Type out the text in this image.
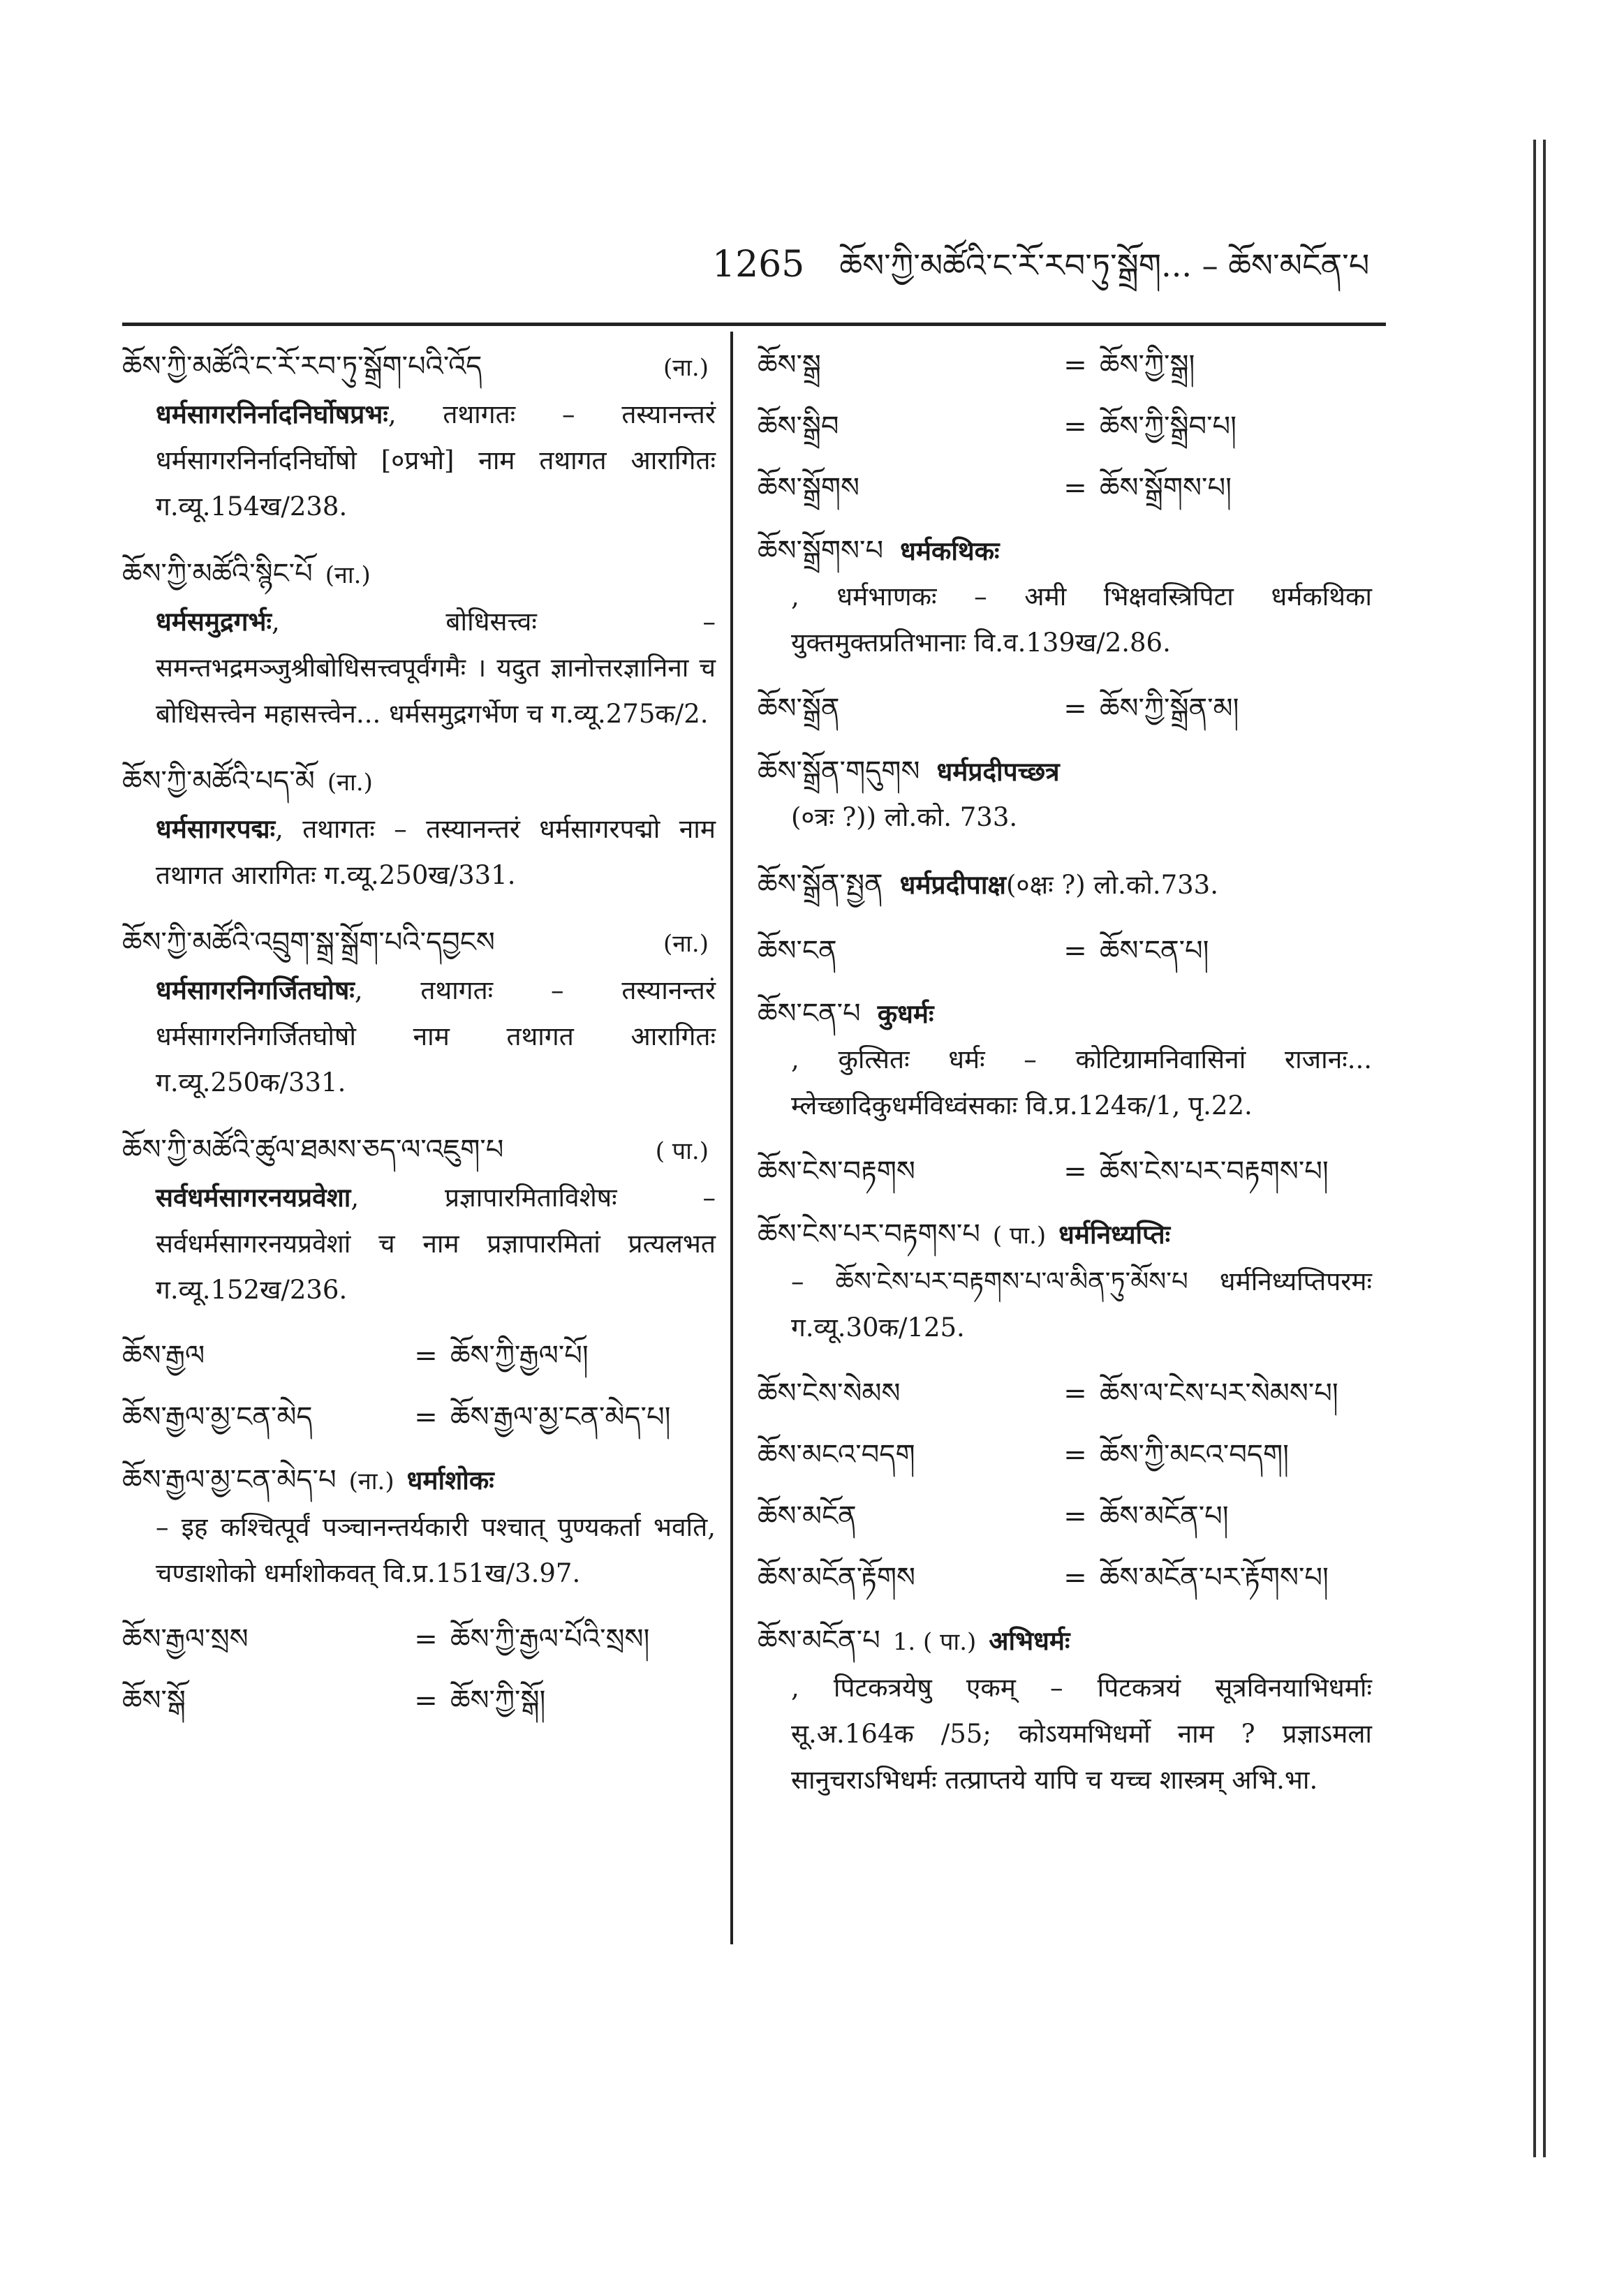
1265 ཆོས་ཀྱི་མཚོའི་ང་རོ་རབ་ཏུ་སྒྲོག... – ཆོས་མངོན་པ
ཆོས་ཀྱི་མཚོའི་ང་རོ་རབ་ཏུ་སྒྲོག་པའི་འོད	(ना.)
धर्मसागरनिर्नादनिर्घोषप्रभः, तथागतः – तस्यानन्तरं धर्मसागरनिर्नादनिर्घोषो [०प्रभो] नाम तथागत आरागितः ग.व्यू.154ख/238.
ཆོས་ཀྱི་མཚོའི་སྙིང་པོ (ना.)
धर्मसमुद्रगर्भः, बोधिसत्त्वः – समन्तभद्रमञ्जुश्रीबोधिसत्त्वपूर्वंगमैः । यदुत ज्ञानोत्तरज्ञानिना च बोधिसत्त्वेन महासत्त्वेन... धर्मसमुद्रगर्भेण च ग.व्यू.275क/2.
ཆོས་ཀྱི་མཚོའི་པད་མོ (ना.)
धर्मसागरपद्मः, तथागतः – तस्यानन्तरं धर्मसागरपद्मो नाम तथागत आरागितः ग.व्यू.250ख/331.
ཆོས་ཀྱི་མཚོའི་འབྲུག་སྒྲ་སྒྲོག་པའི་དབྱངས	(ना.)
धर्मसागरनिगर्जितघोषः, तथागतः – तस्यानन्तरं धर्मसागरनिगर्जितघोषो नाम तथागत आरागितः ग.व्यू.250क/331.
ཆོས་ཀྱི་མཚོའི་ཚུལ་ཐམས་ཅད་ལ་འཇུག་པ	( पा.)
सर्वधर्मसागरनयप्रवेशा, प्रज्ञापारमिताविशेषः – सर्वधर्मसागरनयप्रवेशां च नाम प्रज्ञापारमितां प्रत्यलभत ग.व्यू.152ख/236.
ཆོས་རྒྱལ	= ཆོས་ཀྱི་རྒྱལ་པོ།
ཆོས་རྒྱལ་མྱ་ངན་མེད	= ཆོས་རྒྱལ་མྱ་ངན་མེད་པ།
ཆོས་རྒྱལ་མྱ་ངན་མེད་པ (ना.) धर्माशोकः
– इह कश्चित्पूर्वं पञ्चानन्तर्यकारी पश्चात् पुण्यकर्ता भवति, चण्डाशोको धर्माशोकवत् वि.प्र.151ख/3.97.
ཆོས་རྒྱལ་སྲས	= ཆོས་ཀྱི་རྒྱལ་པོའི་སྲས།
ཆོས་སྒོ	= ཆོས་ཀྱི་སྒོ།
ཆོས་སྒྲ	= ཆོས་ཀྱི་སྒྲ།
ཆོས་སྒྲིབ	= ཆོས་ཀྱི་སྒྲིབ་པ།
ཆོས་སྒྲོགས	= ཆོས་སྒྲོགས་པ།
ཆོས་སྒྲོགས་པ धर्मकथिकः
, धर्मभाणकः – अमी भिक्षवस्त्रिपिटा धर्मकथिका युक्तमुक्तप्रतिभानाः वि.व.139ख/2.86.
ཆོས་སྒྲོན	= ཆོས་ཀྱི་སྒྲོན་མ།
ཆོས་སྒྲོན་གདུགས धर्मप्रदीपच्छत्र
(०त्रः ?)) लो.को. 733.
ཆོས་སྒྲོན་སྤྱན धर्मप्रदीपाक्ष (०क्षः ?) लो.को.733.
ཆོས་ངན	= ཆོས་ངན་པ།
ཆོས་ངན་པ कुधर्मः
, कुत्सितः धर्मः – कोटिग्रामनिवासिनां राजानः... म्लेच्छादिकुधर्मविध्वंसकाः वि.प्र.124क/1, पृ.22.
ཆོས་ངེས་བརྟགས	= ཆོས་ངེས་པར་བརྟགས་པ།
ཆོས་ངེས་པར་བརྟགས་པ ( पा.) धर्मनिध्यप्तिः
– ཆོས་ངེས་པར་བརྟགས་པ་ལ་མིན་ཏུ་མོས་པ धर्मनिध्यप्तिपरमः ग.व्यू.30क/125.
ཆོས་ངེས་སེམས	= ཆོས་ལ་ངེས་པར་སེམས་པ།
ཆོས་མངའ་བདག	= ཆོས་ཀྱི་མངའ་བདག།
ཆོས་མངོན	= ཆོས་མངོན་པ།
ཆོས་མངོན་རྟོགས	= ཆོས་མངོན་པར་རྟོགས་པ།
ཆོས་མངོན་པ 1. ( पा.) अभिधर्मः
, पिटकत्रयेषु एकम् – पिटकत्रयं सूत्रविनयाभिधर्माः सू.अ.164क /55; कोऽयमभिधर्मो नाम ? प्रज्ञाऽमला सानुचराऽभिधर्मः तत्प्राप्तये यापि च यच्च शास्त्रम् अभि.भा.
